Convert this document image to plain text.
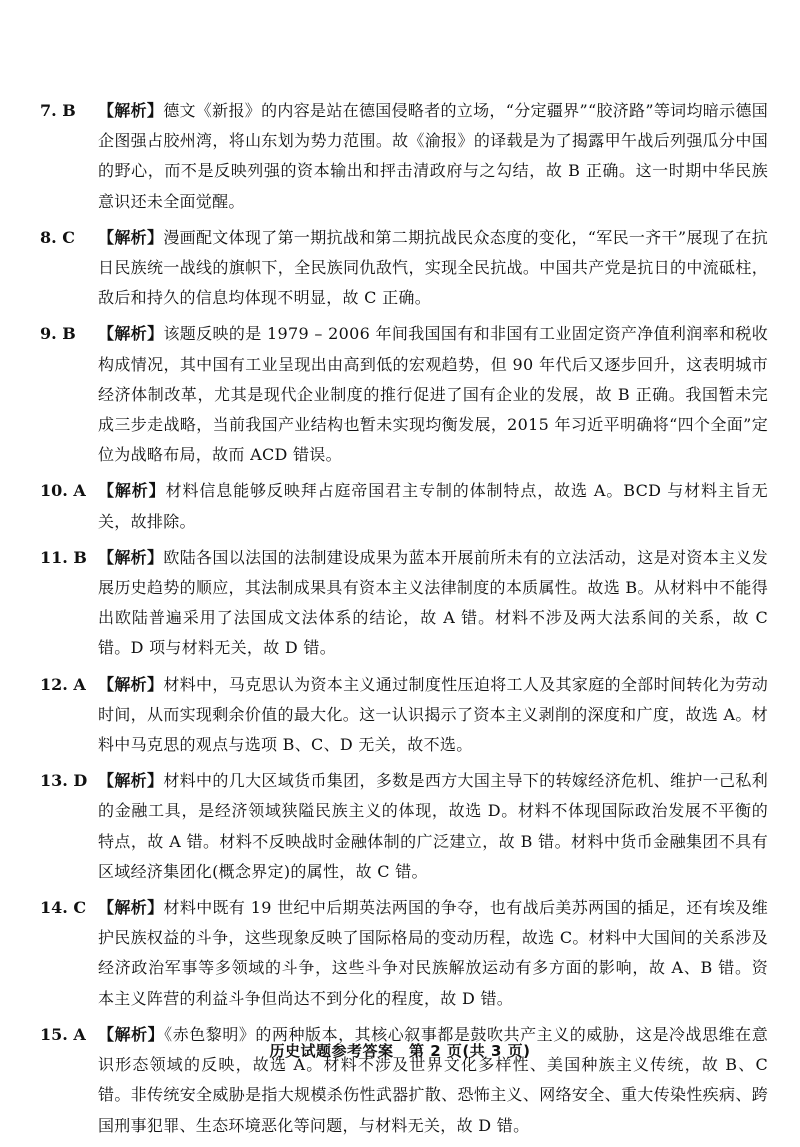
7. B	【解析】德文《新报》的内容是站在德国侵略者的立场，“分定疆界”“胶济路”等词均暗示德国企图强占胶州湾，将山东划为势力范围。故《渝报》的译载是为了揭露甲午战后列强瓜分中国的野心，而不是反映列强的资本输出和抨击清政府与之勾结，故 B 正确。这一时期中华民族意识还未全面觉醒。
8. C	【解析】漫画配文体现了第一期抗战和第二期抗战民众态度的变化，“军民一齐干”展现了在抗日民族统一战线的旗帜下，全民族同仇敌忾，实现全民抗战。中国共产党是抗日的中流砥柱，敌后和持久的信息均体现不明显，故 C 正确。
9. B	【解析】该题反映的是 1979 – 2006 年间我国国有和非国有工业固定资产净值利润率和税收构成情况，其中国有工业呈现出由高到低的宏观趋势，但 90 年代后又逐步回升，这表明城市经济体制改革，尤其是现代企业制度的推行促进了国有企业的发展，故 B 正确。我国暂未完成三步走战略，当前我国产业结构也暂未实现均衡发展，2015 年习近平明确将“四个全面”定位为战略布局，故而 ACD 错误。
10. A 【解析】材料信息能够反映拜占庭帝国君主专制的体制特点，故选 A。BCD 与材料主旨无关，故排除。
11. B 【解析】欧陆各国以法国的法制建设成果为蓝本开展前所未有的立法活动，这是对资本主义发展历史趋势的顺应，其法制成果具有资本主义法律制度的本质属性。故选 B。从材料中不能得出欧陆普遍采用了法国成文法体系的结论，故 A 错。材料不涉及两大法系间的关系，故 C 错。D 项与材料无关，故 D 错。
12. A 【解析】材料中，马克思认为资本主义通过制度性压迫将工人及其家庭的全部时间转化为劳动时间，从而实现剩余价值的最大化。这一认识揭示了资本主义剥削的深度和广度，故选 A。材料中马克思的观点与选项 B、C、D 无关，故不选。
13. D 【解析】材料中的几大区域货币集团，多数是西方大国主导下的转嫁经济危机、维护一己私利的金融工具，是经济领域狭隘民族主义的体现，故选 D。材料不体现国际政治发展不平衡的特点，故 A 错。材料不反映战时金融体制的广泛建立，故 B 错。材料中货币金融集团不具有区域经济集团化(概念界定)的属性，故 C 错。
14. C 【解析】材料中既有 19 世纪中后期英法两国的争夺，也有战后美苏两国的插足，还有埃及维护民族权益的斗争，这些现象反映了国际格局的变动历程，故选 C。材料中大国间的关系涉及经济政治军事等多领域的斗争，这些斗争对民族解放运动有多方面的影响，故 A、B 错。资本主义阵营的利益斗争但尚达不到分化的程度，故 D 错。
15. A 【解析】《赤色黎明》的两种版本，其核心叙事都是鼓吹共产主义的威胁，这是冷战思维在意识形态领域的反映，故选 A。材料不涉及世界文化多样性、美国种族主义传统，故 B、C 错。非传统安全威胁是指大规模杀伤性武器扩散、恐怖主义、网络安全、重大传染性疾病、跨国刑事犯罪、生态环境恶化等问题，与材料无关，故 D 错。
历史试题参考答案　第 2 页(共 3 页)
